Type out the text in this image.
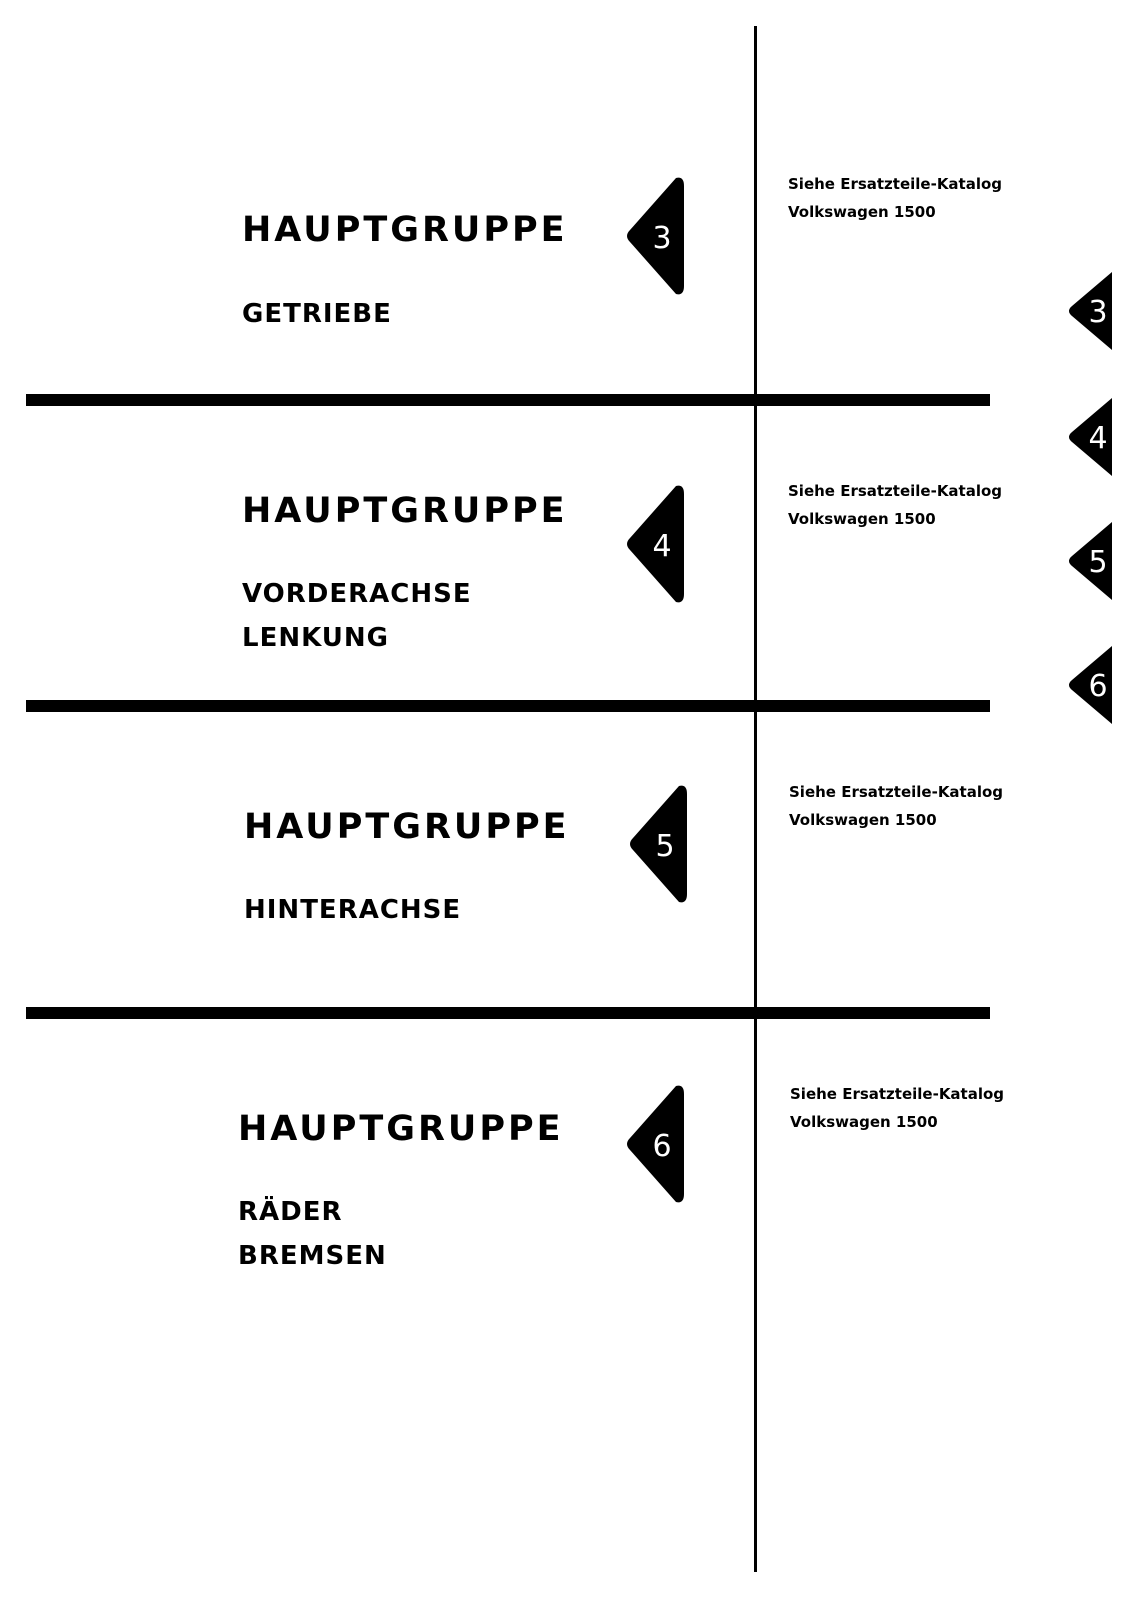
HAUPTGRUPPE
GETRIEBE
3
Siehe Ersatzteile-Katalog
Volkswagen 1500
HAUPTGRUPPE
VORDERACHSE
LENKUNG
4
Siehe Ersatzteile-Katalog
Volkswagen 1500
HAUPTGRUPPE
HINTERACHSE
5
Siehe Ersatzteile-Katalog
Volkswagen 1500
HAUPTGRUPPE
RÄDER
BREMSEN
6
Siehe Ersatzteile-Katalog
Volkswagen 1500
3
4
5
6
